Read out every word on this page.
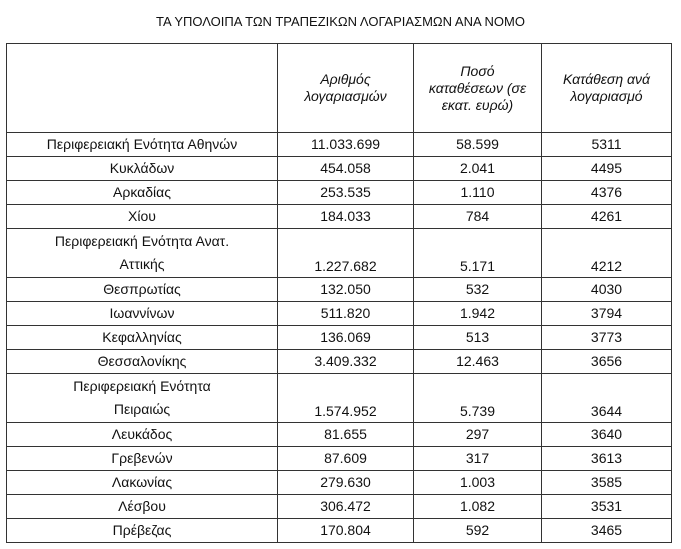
ΤΑ ΥΠΟΛΟΙΠΑ ΤΩΝ ΤΡΑΠΕΖΙΚΩΝ ΛΟΓΑΡΙΑΣΜΩΝ ΑΝΑ ΝΟΜΟ
	Αριθμός λογαριασμών	Ποσό καταθέσεων (σε εκατ. ευρώ)	Κατάθεση ανά λογαριασμό
Περιφερειακή Ενότητα Αθηνών	11.033.699	58.599	5311
Κυκλάδων	454.058	2.041	4495
Αρκαδίας	253.535	1.110	4376
Χίου	184.033	784	4261
Περιφερειακή Ενότητα Ανατ. Αττικής	1.227.682	5.171	4212
Θεσπρωτίας	132.050	532	4030
Ιωαννίνων	511.820	1.942	3794
Κεφαλληνίας	136.069	513	3773
Θεσσαλονίκης	3.409.332	12.463	3656
Περιφερειακή Ενότητα Πειραιώς	1.574.952	5.739	3644
Λευκάδος	81.655	297	3640
Γρεβενών	87.609	317	3613
Λακωνίας	279.630	1.003	3585
Λέσβου	306.472	1.082	3531
Πρέβεζας	170.804	592	3465
